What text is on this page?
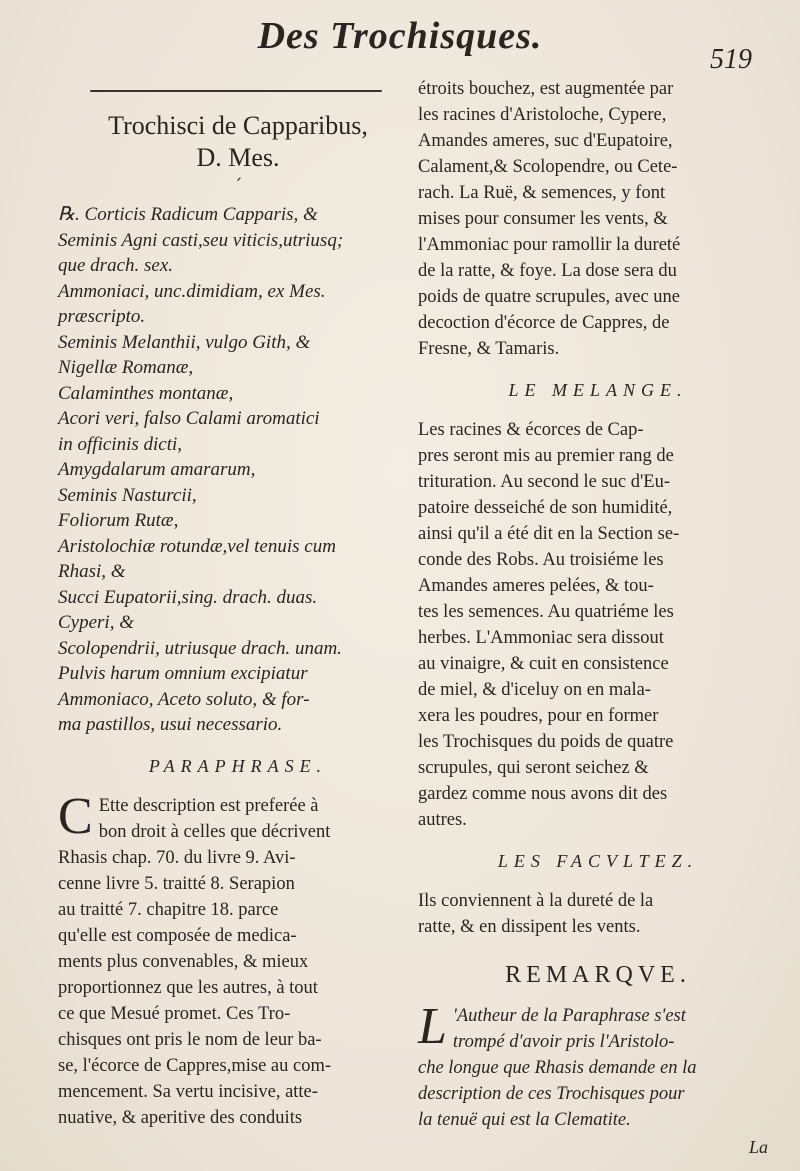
Des Trochisques.
519
Trochisci de Capparibus,
D. Mes.
´

℞. Corticis Radicum Capparis, &

Seminis Agni casti,seu viticis,utriusq;

que drach. sex.

Ammoniaci, unc.dimidiam, ex Mes.

præscripto.

Seminis Melanthii, vulgo Gith, &

Nigellæ Romanæ,

Calaminthes montanæ,

Acori veri, falso Calami aromatici

in officinis dicti,

Amygdalarum amararum,

Seminis Nasturcii,

Foliorum Rutæ,

Aristolochiæ rotundæ,vel tenuis cum

Rhasi, &

Succi Eupatorii,sing. drach. duas.

Cyperi, &

Scolopendrii, utriusque drach. unam.

Pulvis harum omnium excipiatur

Ammoniaco, Aceto soluto, & for-

ma pastillos, usui necessario.

PARAPHRASE.
C Ette description est preferée à

bon droit à celles que décrivent

Rhasis chap. 70. du livre 9. Avi-

cenne livre 5. traitté 8. Serapion

au traitté 7. chapitre 18. parce

qu'elle est composée de medica-

ments plus convenables, & mieux

proportionnez que les autres, à tout

ce que Mesué promet. Ces Tro-

chisques ont pris le nom de leur ba-

se, l'écorce de Cappres,mise au com-

mencement. Sa vertu incisive, atte-

nuative, & aperitive des conduits

étroits bouchez, est augmentée par

les racines d'Aristoloche, Cypere,

Amandes ameres, suc d'Eupatoire,

Calament,& Scolopendre, ou Cete-

rach. La Ruë, & semences, y font

mises pour consumer les vents, &

l'Ammoniac pour ramollir la dureté

de la ratte, & foye. La dose sera du

poids de quatre scrupules, avec une

decoction d'écorce de Cappres, de

Fresne, & Tamaris.

LE MELANGE.

Les racines & écorces de Cap-

pres seront mis au premier rang de

trituration. Au second le suc d'Eu-

patoire desseiché de son humidité,

ainsi qu'il a été dit en la Section se-

conde des Robs. Au troisiéme les

Amandes ameres pelées, & tou-

tes les semences. Au quatriéme les

herbes. L'Ammoniac sera dissout

au vinaigre, & cuit en consistence

de miel, & d'iceluy on en mala-

xera les poudres, pour en former

les Trochisques du poids de quatre

scrupules, qui seront seichez &

gardez comme nous avons dit des

autres.

LES FACVLTEZ.

Ils conviennent à la dureté de la

ratte, & en dissipent les vents.

REMARQVE.
L 'Autheur de la Paraphrase s'est

trompé d'avoir pris l'Aristolo-

che longue que Rhasis demande en la

description de ces Trochisques pour

la tenuë qui est la Clematite.

La
